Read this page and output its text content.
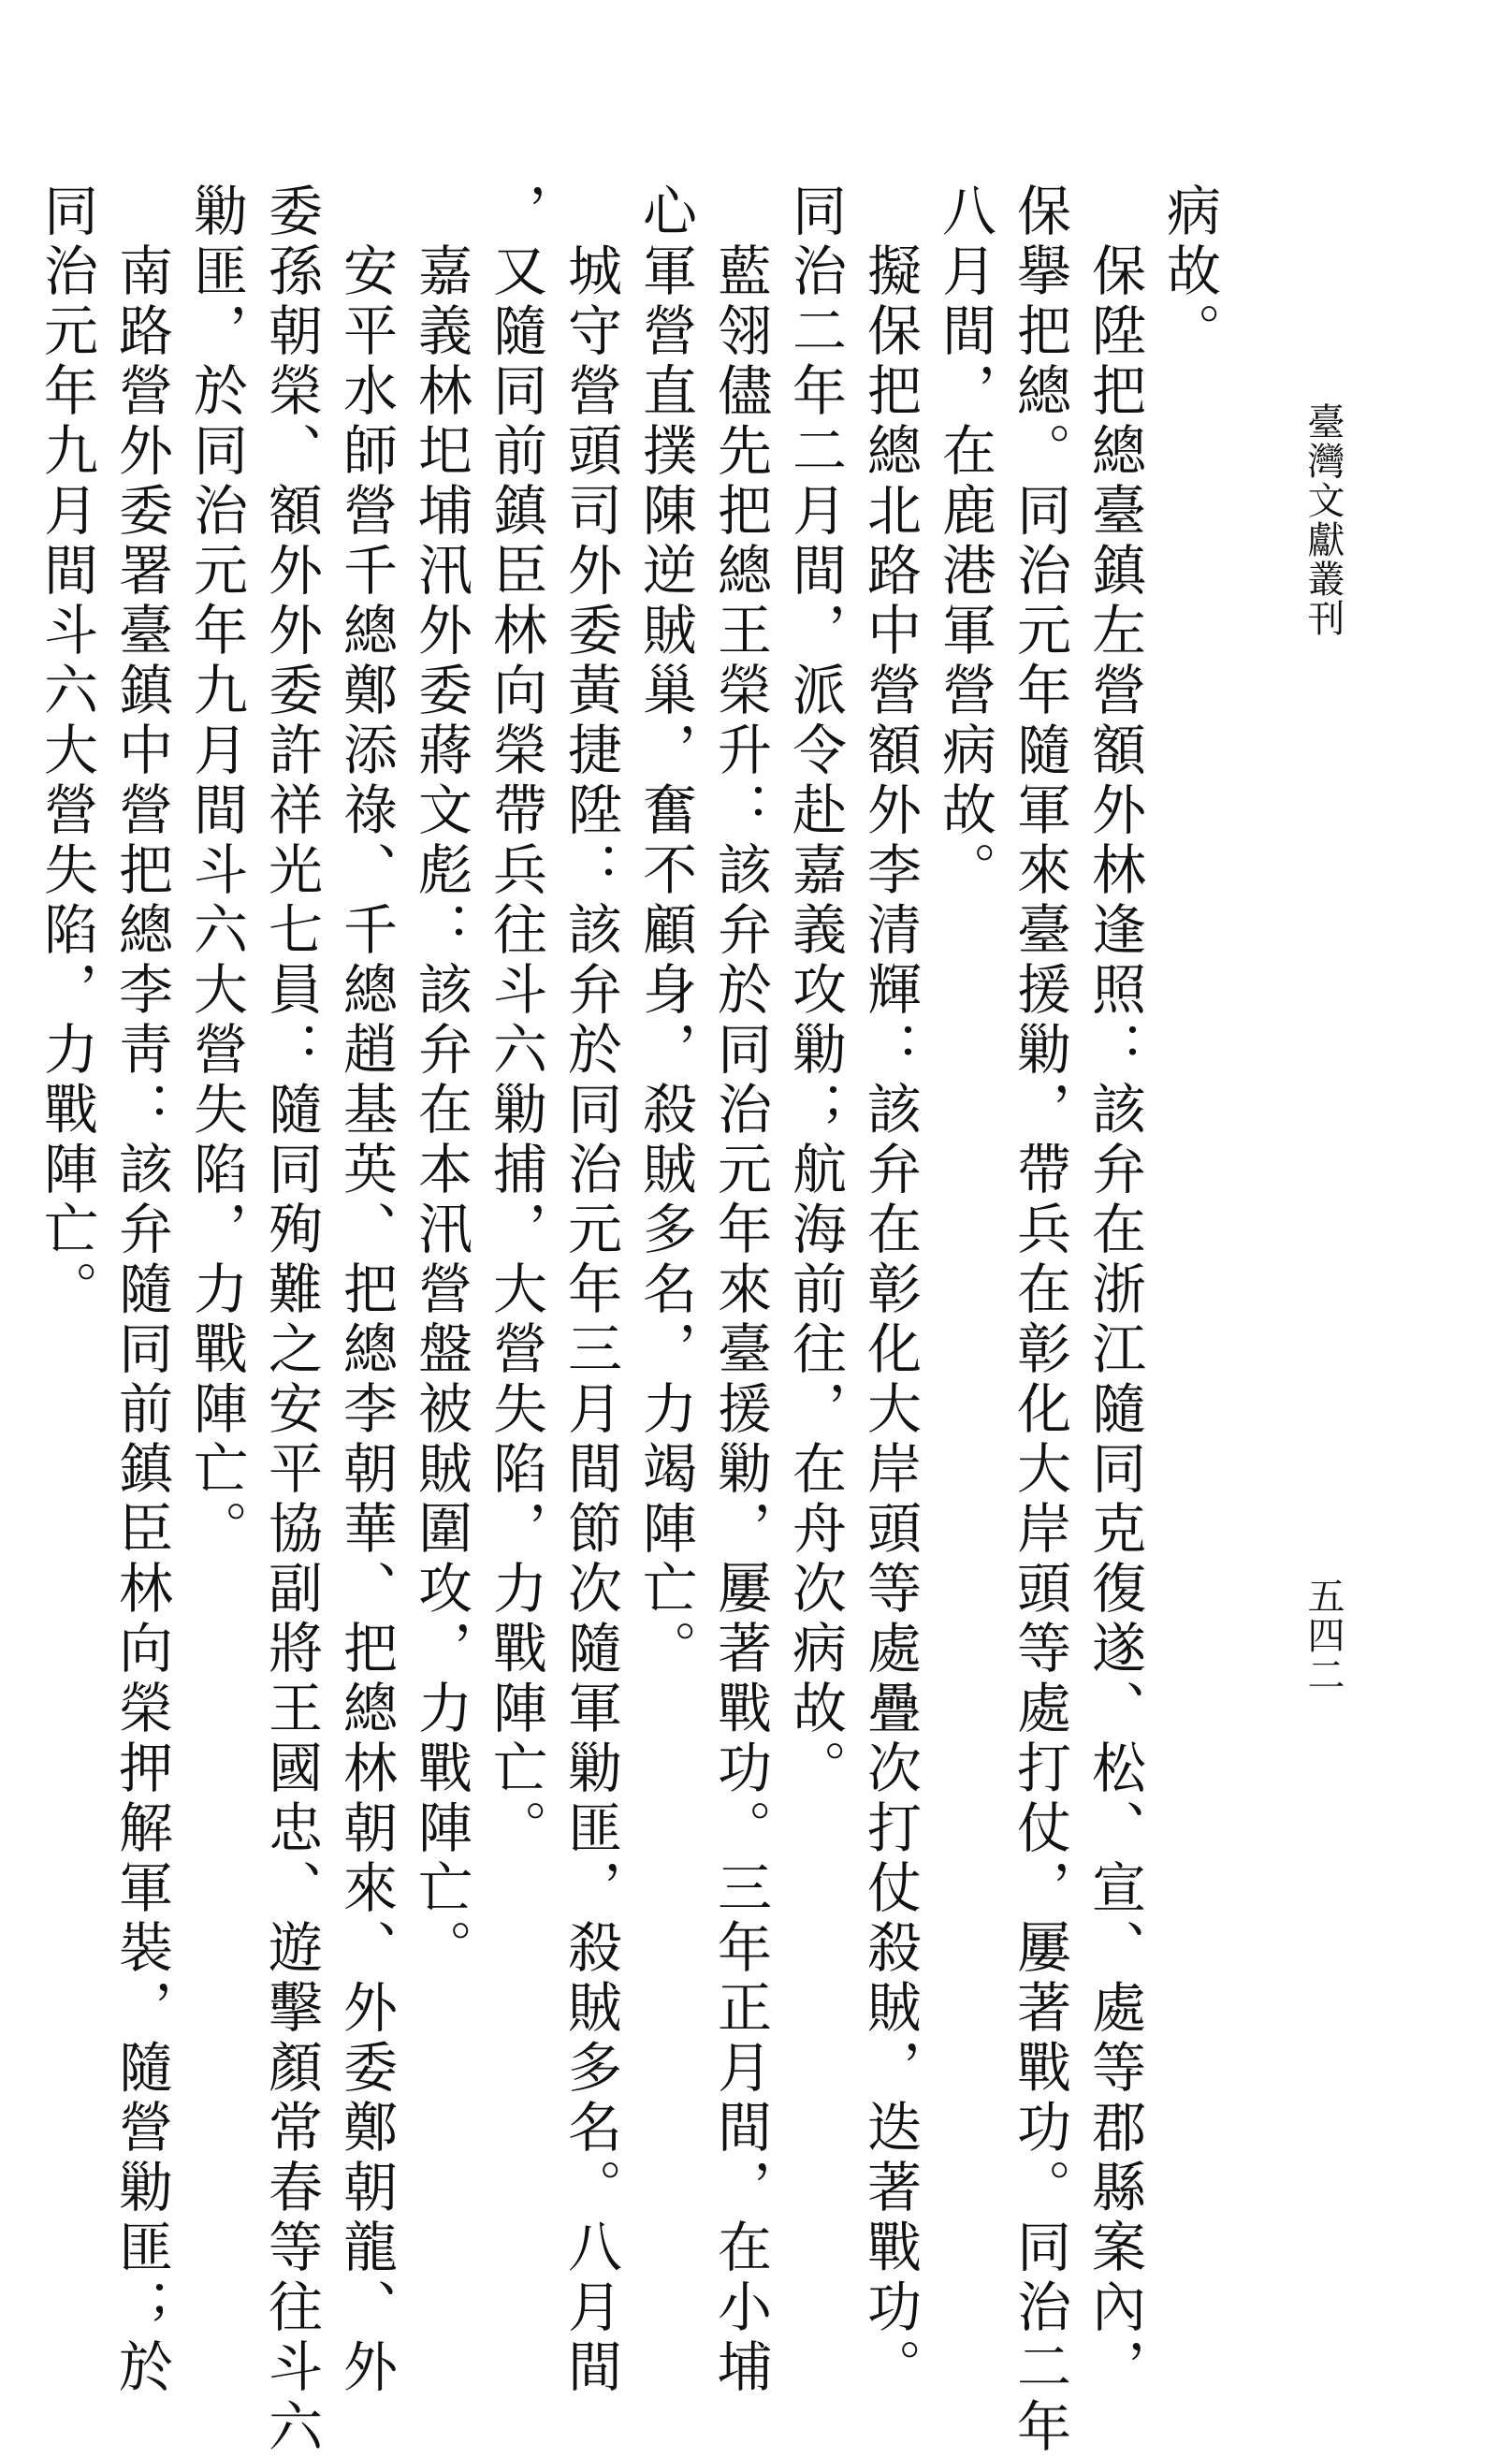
臺灣文獻叢刊
五四二
病故。
保陞把總臺鎮左營額外林逢照：該弁在浙江隨同克復遂、松、宣、處等郡縣案內，
保擧把總。同治元年隨軍來臺援勦，帶兵在彰化大岸頭等處打仗，屢著戰功。同治二年
八月間，在鹿港軍營病故。
擬保把總北路中營額外李清輝：該弁在彰化大岸頭等處疊次打仗殺賊，迭著戰功。
同治二年二月間，派令赴嘉義攻勦；航海前往，在舟次病故。
藍翎儘先把總王榮升：該弁於同治元年來臺援勦，屢著戰功。三年正月間，在小埔
心軍營直撲陳逆賊巢，奮不顧身，殺賊多名，力竭陣亡。
城守營頭司外委黃捷陞：該弁於同治元年三月間節次隨軍勦匪，殺賊多名。八月間
，又隨同前鎮臣林向榮帶兵往斗六勦捕，大營失陷，力戰陣亡。
嘉義林圯埔汛外委蔣文彪：該弁在本汛營盤被賊圍攻，力戰陣亡。
安平水師營千總鄭添祿、千總趙基英、把總李朝華、把總林朝來、外委鄭朝龍、外
委孫朝榮、額外外委許祥光七員：隨同殉難之安平協副將王國忠、遊擊顏常春等往斗六
勦匪，於同治元年九月間斗六大營失陷，力戰陣亡。
南路營外委署臺鎮中營把總李靑：該弁隨同前鎮臣林向榮押解軍裝，隨營勦匪；於
同治元年九月間斗六大營失陷，力戰陣亡。
